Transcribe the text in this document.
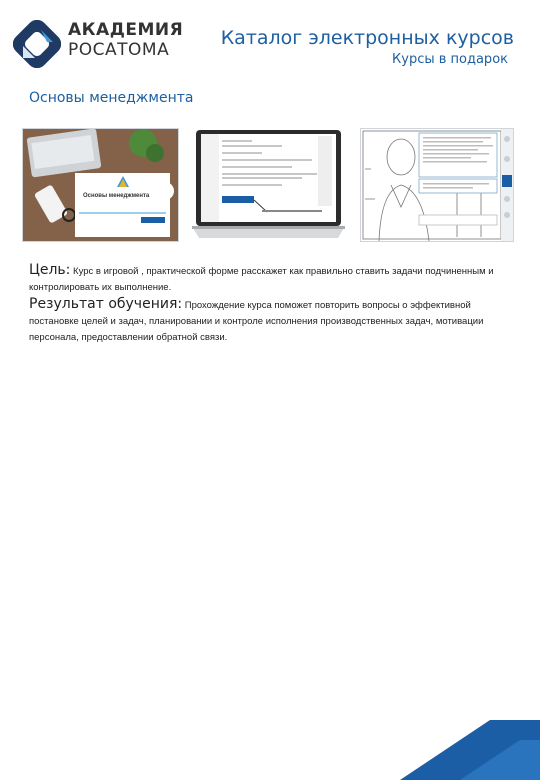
АКАДЕМИЯ
РОСАТОМА
Каталог электронных курсов
Курсы в подарок
Основы менеджмента
Основы менеджмента
Цель: Курс в игровой , практической форме расскажет как правильно ставить задачи подчиненным и контролировать их выполнение.
Результат обучения: Прохождение курса поможет повторить вопросы о эффективной постановке целей и задач, планировании и контроле исполнения производственных задач, мотивации персонала, предоставлении обратной связи.
